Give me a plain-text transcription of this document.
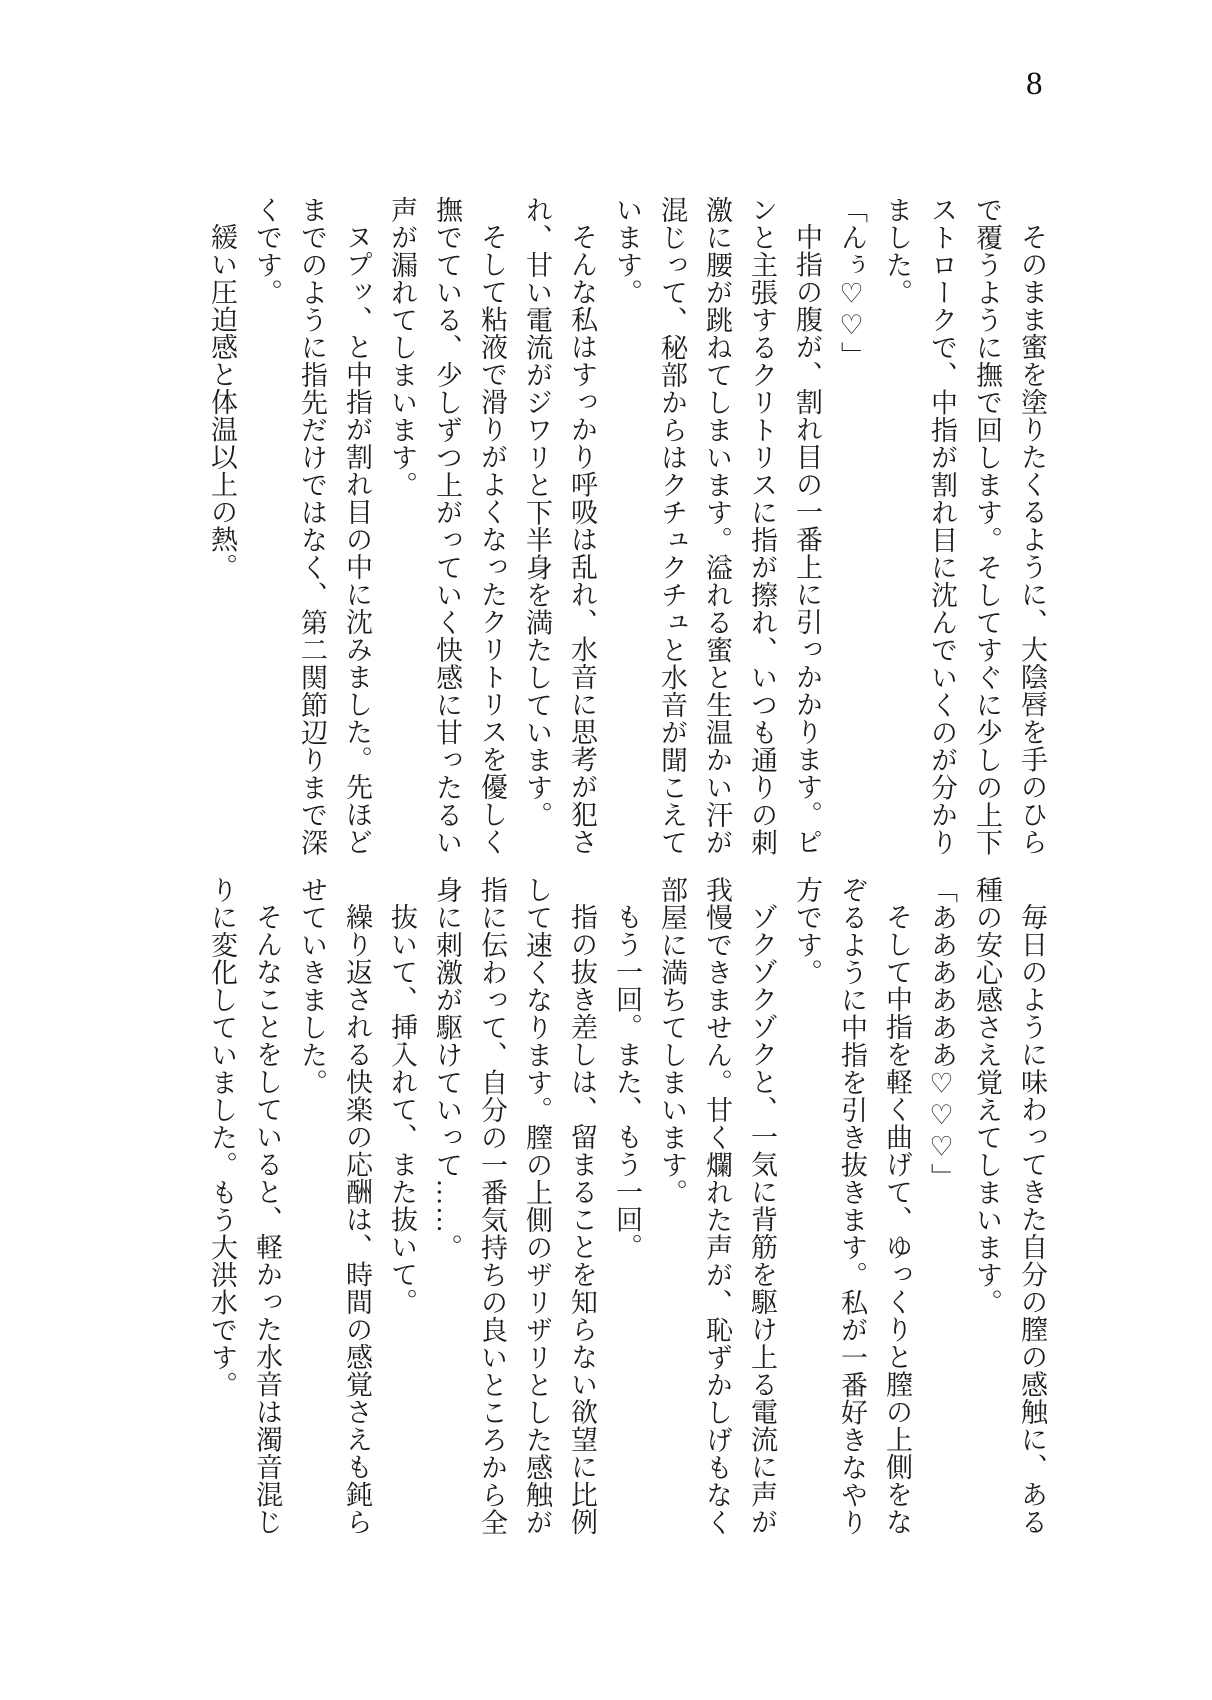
8

そのまま蜜を塗りたくるように、大陰唇を手のひらで覆うように撫で回します。そしてすぐに少しの上下ストロークで、中指が割れ目に沈んでいくのが分かりました。

「んぅ♡♡」

中指の腹が、割れ目の一番上に引っかかります。ピンと主張するクリトリスに指が擦れ、いつも通りの刺激に腰が跳ねてしまいます。溢れる蜜と生温かい汗が混じって、秘部からはクチュクチュと水音が聞こえています。

そんな私はすっかり呼吸は乱れ、水音に思考が犯され、甘い電流がジワリと下半身を満たしています。

そして粘液で滑りがよくなったクリトリスを優しく撫でている、少しずつ上がっていく快感に甘ったるい声が漏れてしまいます。

ヌプッ、と中指が割れ目の中に沈みました。先ほどまでのように指先だけではなく、第二関節辺りまで深くです。

緩い圧迫感と体温以上の熱。

毎日のように味わってきた自分の膣の感触に、ある種の安心感さえ覚えてしまいます。

「ああああああ♡♡♡」

そして中指を軽く曲げて、ゆっくりと膣の上側をなぞるように中指を引き抜きます。私が一番好きなやり方です。

ゾクゾクゾクと、一気に背筋を駆け上る電流に声が我慢できません。甘く爛れた声が、恥ずかしげもなく部屋に満ちてしまいます。

もう一回。また、もう一回。

指の抜き差しは、留まることを知らない欲望に比例して速くなります。膣の上側のザリザリとした感触が指に伝わって、自分の一番気持ちの良いところから全身に刺激が駆けていって……。

抜いて、挿入れて、また抜いて。

繰り返される快楽の応酬は、時間の感覚さえも鈍らせていきました。

そんなことをしていると、軽かった水音は濁音混じりに変化していました。もう大洪水です。
